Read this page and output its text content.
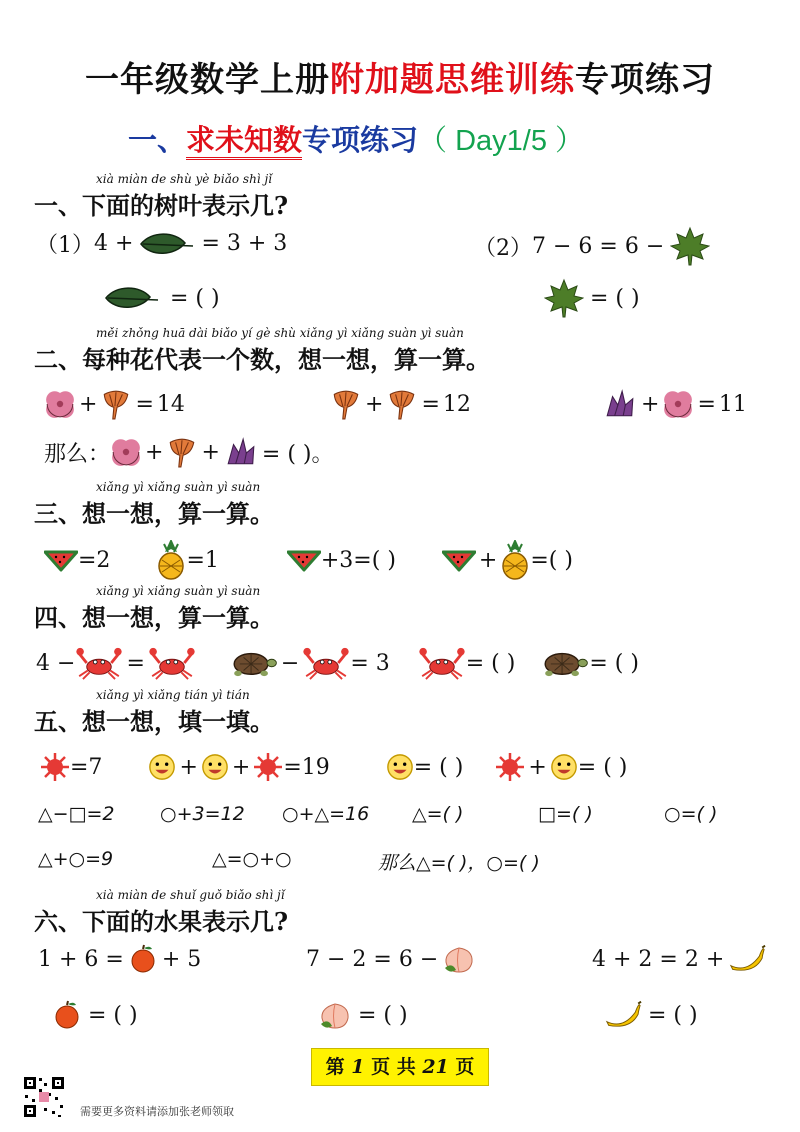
一年级数学上册附加题思维训练专项练习
一、求未知数专项练习（ Day1/5 ）
xià miàn de shù yè biǎo shì jǐ
一、下面的树叶表示几?
（1） 4 +	= 3 + 3	（2） 7 − 6 = 6 −
= ( )	= ( )
měi zhǒng huā dài biǎo yí gè shù xiǎng yì xiǎng suàn yì suàn
二、每种花代表一个数，想一想，算一算。
+ = 14	+ = 12	+ = 11
那么： + + = ( )。
xiǎng yì xiǎng suàn yì suàn
三、想一想，算一算。
=2	=1	+3=( )	+ =( )
xiǎng yì xiǎng suàn yì suàn
四、想一想，算一算。
4 − =	− = 3	= ( )	= ( )
xiǎng yì xiǎng tián yì tián
五、想一想，填一填。
=7	+ + =19	= ( )	+ = ( )
△−□=2 ○+3=12 ○+△=16 △=( )	□=( )	○=( )
△+○=9	△=○+○	那么△=( )，○=( )
xià miàn de shuǐ guǒ biǎo shì jǐ
六、下面的水果表示几?
1 + 6 = + 5	7 − 2 = 6 −	4 + 2 = 2 +
= ( )	= ( )	= ( )
第 1 页 共 21 页
需要更多资料请添加张老师领取
